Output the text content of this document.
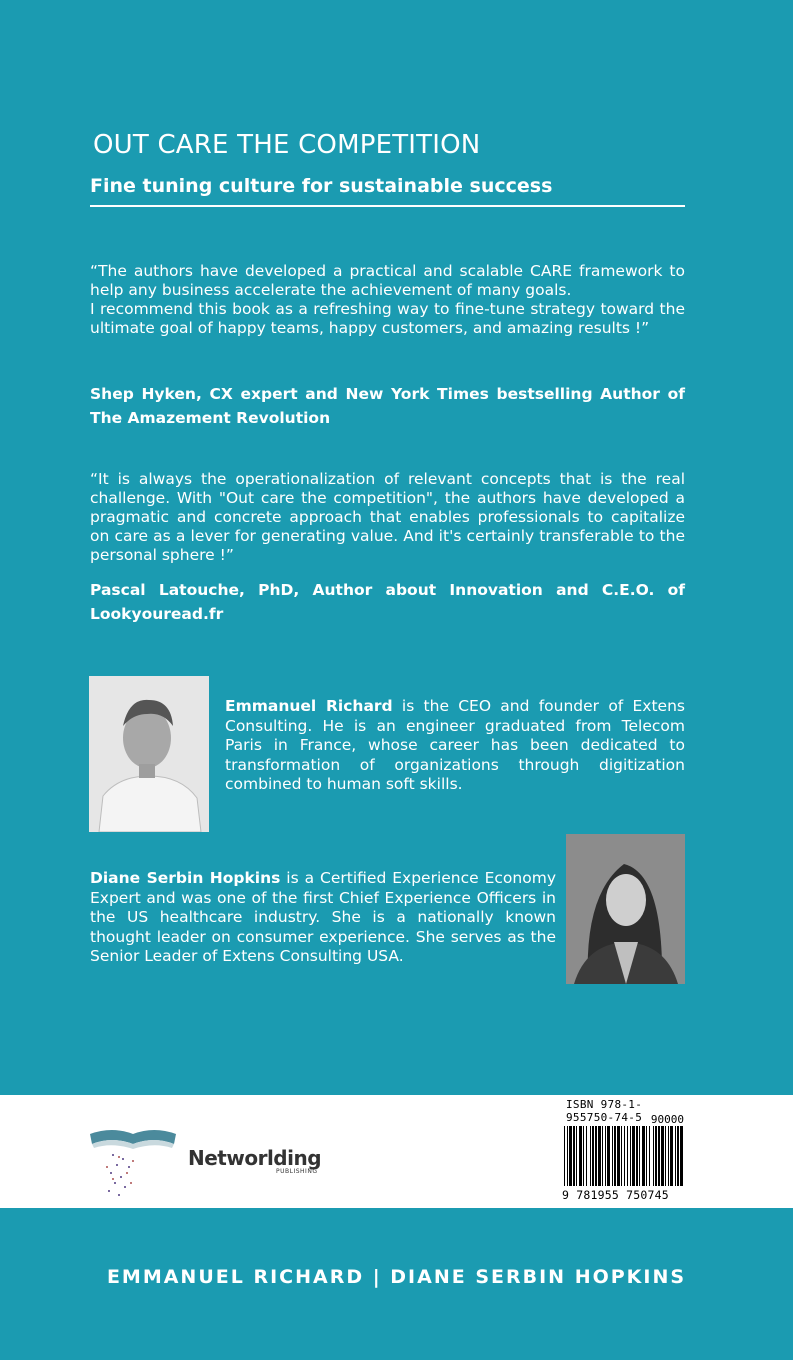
OUT CARE THE COMPETITION
Fine tuning culture for sustainable success

“The authors have developed a practical and scalable CARE framework to help any business accelerate the achievement of many goals.

I recommend this book as a refreshing way to fine-tune strategy toward the ultimate goal of happy teams, happy customers, and amazing results !”

Shep Hyken, CX expert and New York Times bestselling Author of The Amazement Revolution

“It is always the operationalization of relevant concepts that is the real challenge. With "Out care the competition", the authors have developed a pragmatic and concrete approach that enables professionals to capitalize on care as a lever for generating value. And it's certainly transferable to the personal sphere !”

Pascal Latouche, PhD, Author about Innovation and C.E.O. of Lookyouread.fr
Emmanuel Richard is the CEO and founder of Extens Consulting. He is an engineer graduated from Telecom Paris in France, whose career has been dedicated to transformation of organizations through digitization combined to human soft skills.
Diane Serbin Hopkins is a Certified Experience Economy Expert and was one of the first Chief Experience Officers in the US healthcare industry. She is a nationally known thought leader on consumer experience. She serves as the Senior Leader of Extens Consulting USA.
Networlding
PUBLISHING
ISBN 978-1-955750-74-5 90000
9 781955 750745
EMMANUEL RICHARD | DIANE SERBIN HOPKINS
